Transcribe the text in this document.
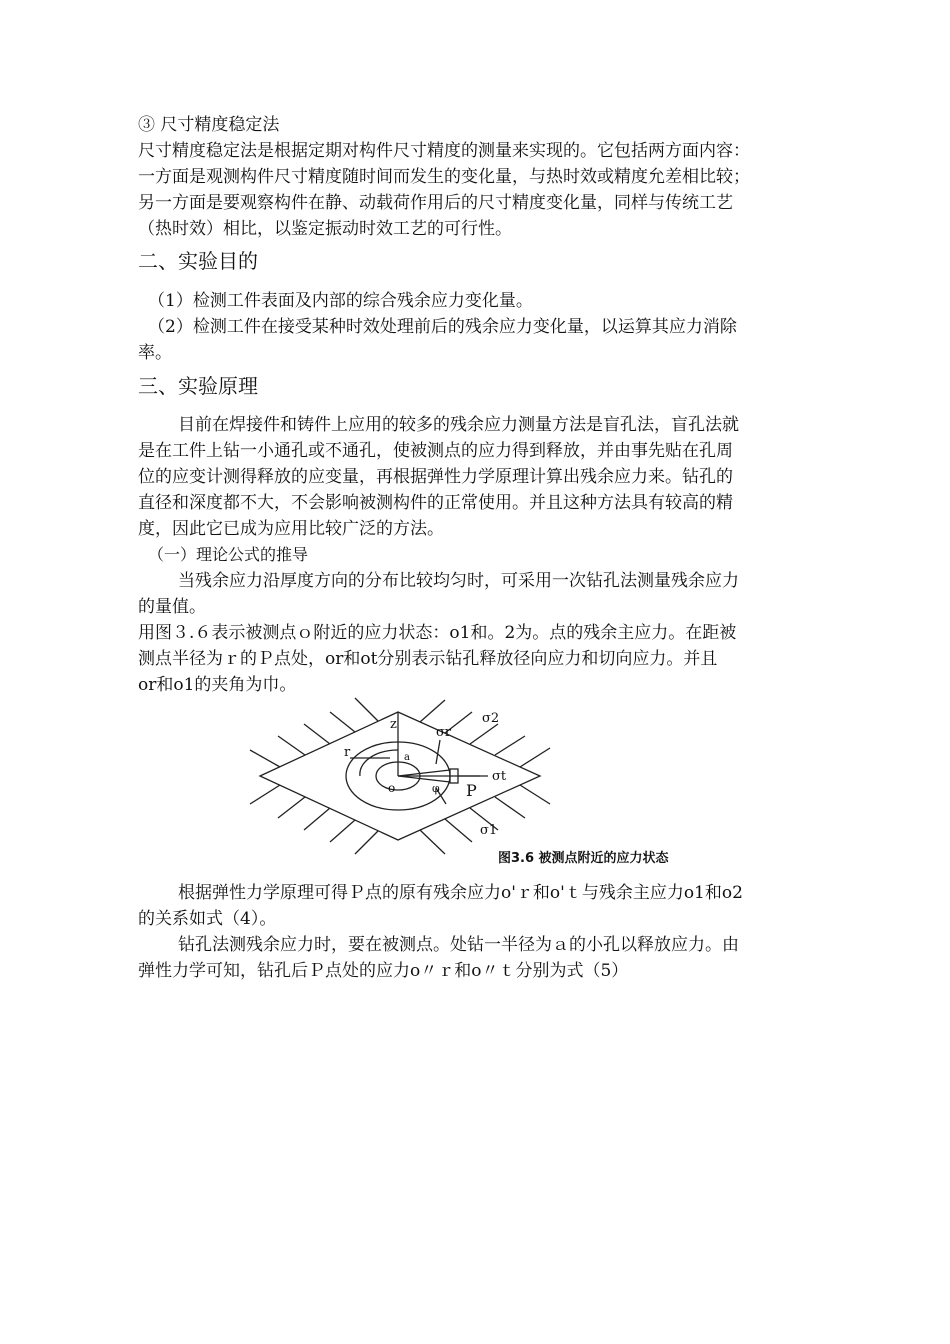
③ 尺寸精度稳定法

尺寸精度稳定法是根据定期对构件尺寸精度的测量来实现的。它包括两方面内容：

一方面是观测构件尺寸精度随时间而发生的变化量，与热时效或精度允差相比较；

另一方面是要观察构件在静、动载荷作用后的尺寸精度变化量，同样与传统工艺

（热时效）相比，以鉴定振动时效工艺的可行性。

二、实验目的

（1）检测工件表面及内部的综合残余应力变化量。

（2）检测工件在接受某种时效处理前后的残余应力变化量，以运算其应力消除

率。

三、实验原理

目前在焊接件和铸件上应用的较多的残余应力测量方法是盲孔法，盲孔法就

是在工件上钻一小通孔或不通孔，使被测点的应力得到释放，并由事先贴在孔周

位的应变计测得释放的应变量，再根据弹性力学原理计算出残余应力来。钻孔的

直径和深度都不大，不会影响被测构件的正常使用。并且这种方法具有较高的精

度，因此它已成为应用比较广泛的方法。

（一）理论公式的推导

当残余应力沿厚度方向的分布比较均匀时，可采用一次钻孔法测量残余应力

的量值。

用图３.６表示被测点ｏ附近的应力状态：ο1和。2为。点的残余主应力。在距被

测点半径为ｒ的Ｐ点处，or和ot分别表示钻孔释放径向应力和切向应力。并且

or和ο1的夹角为巾。

σ2
σ1
σt
σr
z
r	a
o	P
φ
图3.6 被测点附近的应力状态

根据弹性力学原理可得Ｐ点的原有残余应力ο'ｒ和ο'ｔ与残余主应力ο1和ο2

的关系如式（4）。

钻孔法测残余应力时，要在被测点。处钻一半径为ａ的小孔以释放应力。由

弹性力学可知，钻孔后Ｐ点处的应力ο〃ｒ和ο〃ｔ分别为式（5）
